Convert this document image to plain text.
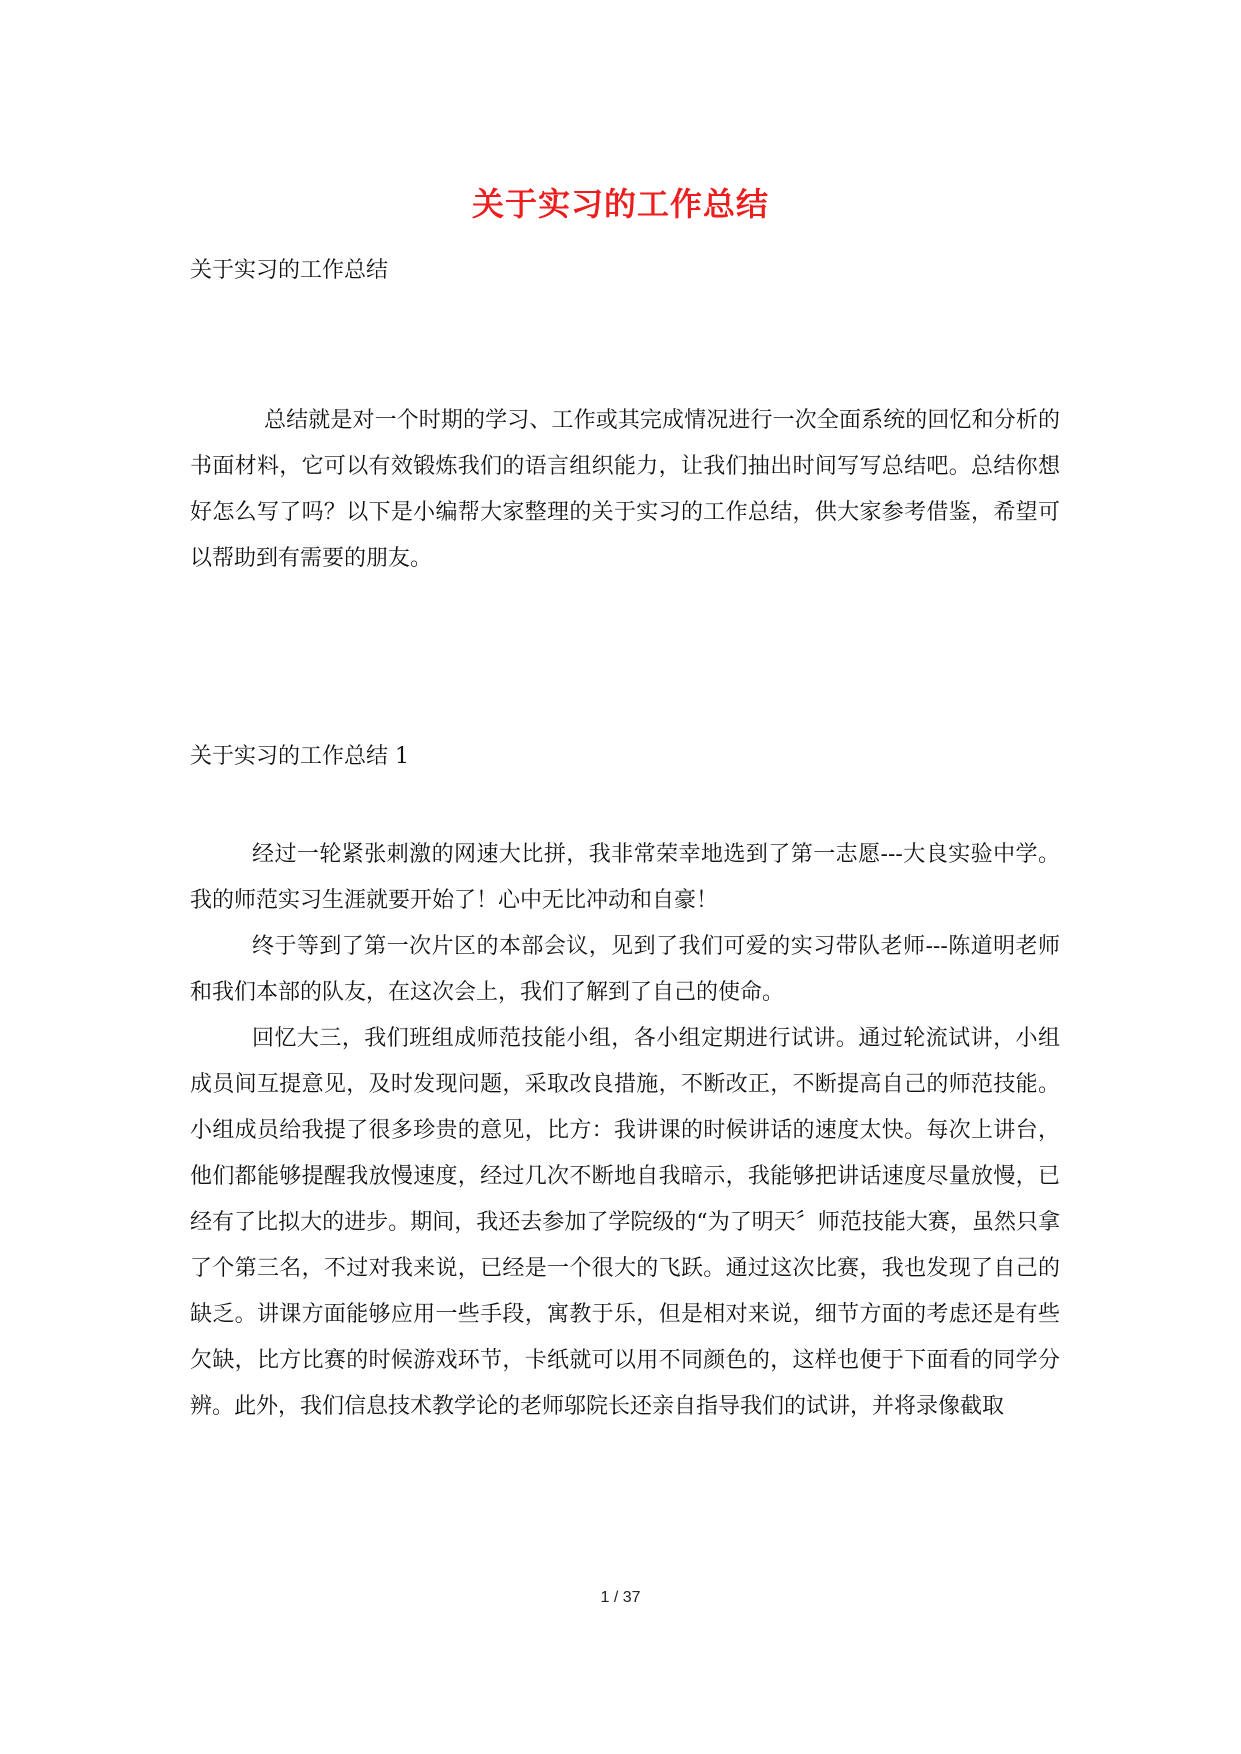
关于实习的工作总结
关于实习的工作总结
总结就是对一个时期的学习、工作或其完成情况进行一次全面系统的回忆和分析的书面材料，它可以有效锻炼我们的语言组织能力，让我们抽出时间写写总结吧。总结你想好怎么写了吗？以下是小编帮大家整理的关于实习的工作总结，供大家参考借鉴，希望可以帮助到有需要的朋友。
关于实习的工作总结 1

经过一轮紧张刺激的网速大比拼，我非常荣幸地选到了第一志愿---大良实验中学。我的师范实习生涯就要开始了！心中无比冲动和自豪！

终于等到了第一次片区的本部会议，见到了我们可爱的实习带队老师---陈道明老师和我们本部的队友，在这次会上，我们了解到了自己的使命。

回忆大三，我们班组成师范技能小组，各小组定期进行试讲。通过轮流试讲，小组成员间互提意见，及时发现问题，采取改良措施，不断改正，不断提高自己的师范技能。小组成员给我提了很多珍贵的意见，比方：我讲课的时候讲话的速度太快。每次上讲台，他们都能够提醒我放慢速度，经过几次不断地自我暗示，我能够把讲话速度尽量放慢，已经有了比拟大的进步。期间，我还去参加了学院级的“为了明天〞师范技能大赛，虽然只拿了个第三名，不过对我来说，已经是一个很大的飞跃。通过这次比赛，我也发现了自己的缺乏。讲课方面能够应用一些手段，寓教于乐，但是相对来说，细节方面的考虑还是有些欠缺，比方比赛的时候游戏环节，卡纸就可以用不同颜色的，这样也便于下面看的同学分辨。此外，我们信息技术教学论的老师邬院长还亲自指导我们的试讲，并将录像截取

1 / 37
